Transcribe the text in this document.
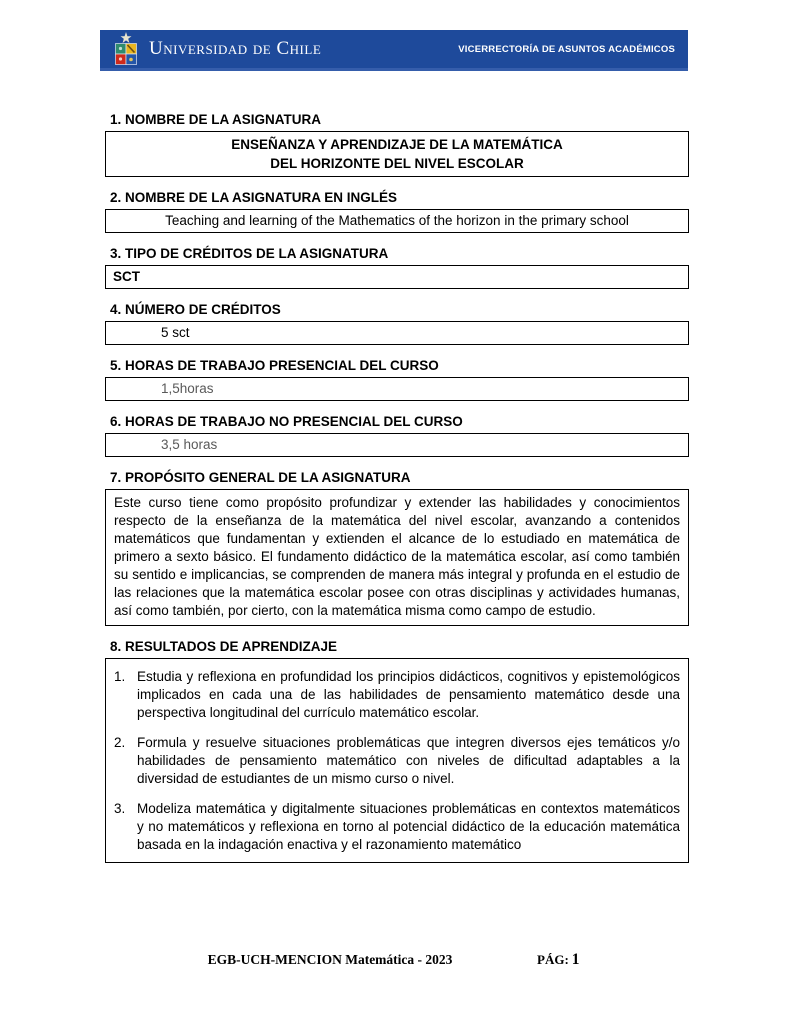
Universidad de Chile	VICERRECTORÍA DE ASUNTOS ACADÉMICOS
1. NOMBRE DE LA ASIGNATURA
ENSEÑANZA Y APRENDIZAJE DE LA MATEMÁTICA
DEL HORIZONTE DEL NIVEL ESCOLAR
2. NOMBRE DE LA ASIGNATURA EN INGLÉS
Teaching and learning of the Mathematics of the horizon in the primary school
3. TIPO DE CRÉDITOS DE LA ASIGNATURA
SCT
4. NÚMERO DE CRÉDITOS
5 sct
5. HORAS DE TRABAJO PRESENCIAL DEL CURSO
1,5horas
6. HORAS DE TRABAJO NO PRESENCIAL DEL CURSO
3,5 horas
7. PROPÓSITO GENERAL DE LA ASIGNATURA
Este curso tiene como propósito profundizar y extender las habilidades y conocimientos respecto de la enseñanza de la matemática del nivel escolar, avanzando a contenidos matemáticos que fundamentan y extienden el alcance de lo estudiado en matemática de primero a sexto básico. El fundamento didáctico de la matemática escolar, así como también su sentido e implicancias, se comprenden de manera más integral y profunda en el estudio de las relaciones que la matemática escolar posee con otras disciplinas y actividades humanas, así como también, por cierto, con la matemática misma como campo de estudio.
8. RESULTADOS DE APRENDIZAJE
1. Estudia y reflexiona en profundidad los principios didácticos, cognitivos y epistemológicos implicados en cada una de las habilidades de pensamiento matemático desde una perspectiva longitudinal del currículo matemático escolar.
2. Formula y resuelve situaciones problemáticas que integren diversos ejes temáticos y/o habilidades de pensamiento matemático con niveles de dificultad adaptables a la diversidad de estudiantes de un mismo curso o nivel.
3. Modeliza matemática y digitalmente situaciones problemáticas en contextos matemáticos y no matemáticos y reflexiona en torno al potencial didáctico de la educación matemática basada en la indagación enactiva y el razonamiento matemático
EGB-UCH-MENCION Matemática - 2023	PÁG: 1
